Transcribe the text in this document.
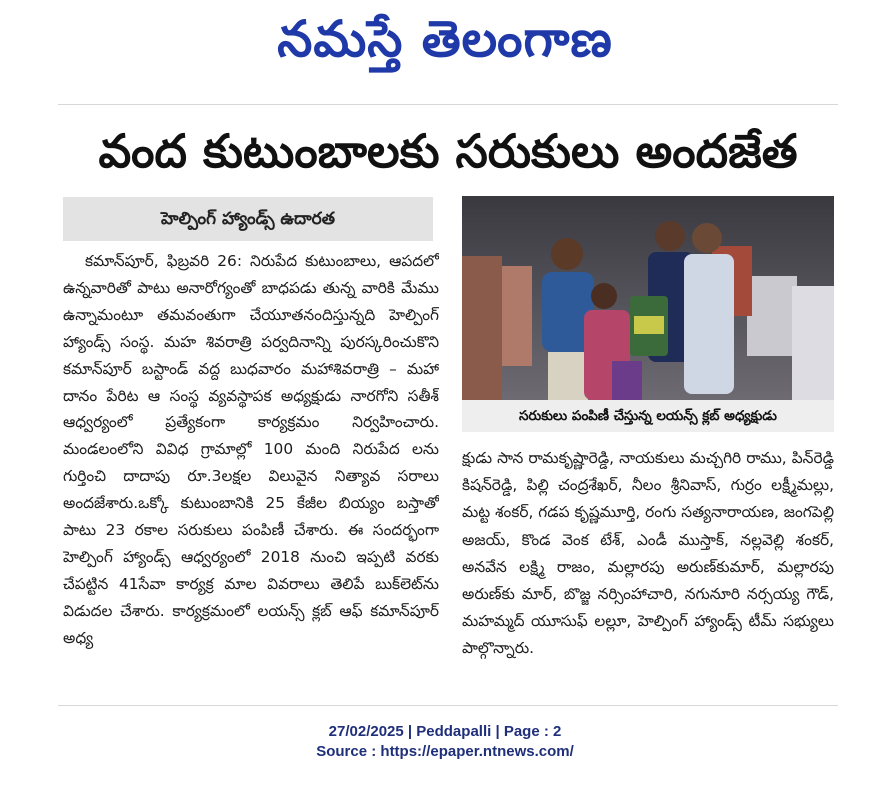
నమస్తే తెలంగాణ
వంద కుటుంబాలకు సరుకులు అందజేత
హెల్పింగ్ హ్యాండ్స్ ఉదారత

కమాన్‌పూర్, ఫిబ్రవరి 26: నిరుపేద కుటుంబాలు, ఆపదలో ఉన్నవారితో పాటు అనారోగ్యంతో బాధపడు తున్న వారికి మేము ఉన్నామంటూ తమవంతుగా చేయూతనందిస్తున్నది హెల్పింగ్ హ్యాండ్స్ సంస్థ. మహ శివరాత్రి పర్వదినాన్ని పురస్కరించుకొని కమాన్‌పూర్ బస్టాండ్ వద్ద బుధవారం మహాశివరాత్రి – మహా దానం పేరిట ఆ సంస్థ వ్యవస్థాపక అధ్యక్షుడు నారగోని సతీశ్ ఆధ్వర్యంలో ప్రత్యేకంగా కార్యక్రమం నిర్వహించారు. మండలంలోని వివిధ గ్రామాల్లో 100 మంది నిరుపేద లను గుర్తించి దాదాపు రూ.3లక్షల విలువైన నిత్యావ సరాలు అందజేశారు.ఒక్కో కుటుంబానికి 25 కేజీల బియ్యం బస్తాతో పాటు 23 రకాల సరుకులు పంపిణీ చేశారు. ఈ సందర్భంగా హెల్పింగ్ హ్యాండ్స్ ఆధ్వర్యంలో 2018 నుంచి ఇప్పటి వరకు చేపట్టిన 41సేవా కార్యక్ర మాల వివరాలు తెలిపే బుక్‌లెట్‌ను విడుదల చేశారు. కార్యక్రమంలో లయన్స్ క్లబ్ ఆఫ్ కమాన్‌పూర్ అధ్య

సరుకులు పంపిణీ చేస్తున్న లయన్స్ క్లబ్ అధ్యక్షుడు

క్షుడు సాన రామకృష్ణారెడ్డి, నాయకులు మచ్చగిరి రాము, పిన్‌రెడ్డి కిషన్‌రెడ్డి, పిల్లి చంద్రశేఖర్, నీలం శ్రీనివాస్, గుర్రం లక్ష్మీమల్లు, మట్ట శంకర్, గడప కృష్ణమూర్తి, రంగు సత్యనారాయణ, జంగపెల్లి అజయ్, కొండ వెంక టేశ్, ఎండీ ముస్తాక్, నల్లవెల్లి శంకర్, అనవేన లక్ష్మి రాజం, మల్లారపు అరుణ్‌కుమార్, మల్లారపు అరుణ్‌కు మార్, బొజ్జ నర్సింహాచారి, నగునూరి నర్సయ్య గౌడ్, మహమ్మద్ యూసుఫ్ లల్లూ, హెల్పింగ్ హ్యాండ్స్ టీమ్ సభ్యులు పాల్గొన్నారు.

27/02/2025 | Peddapalli | Page : 2
Source : https://epaper.ntnews.com/
